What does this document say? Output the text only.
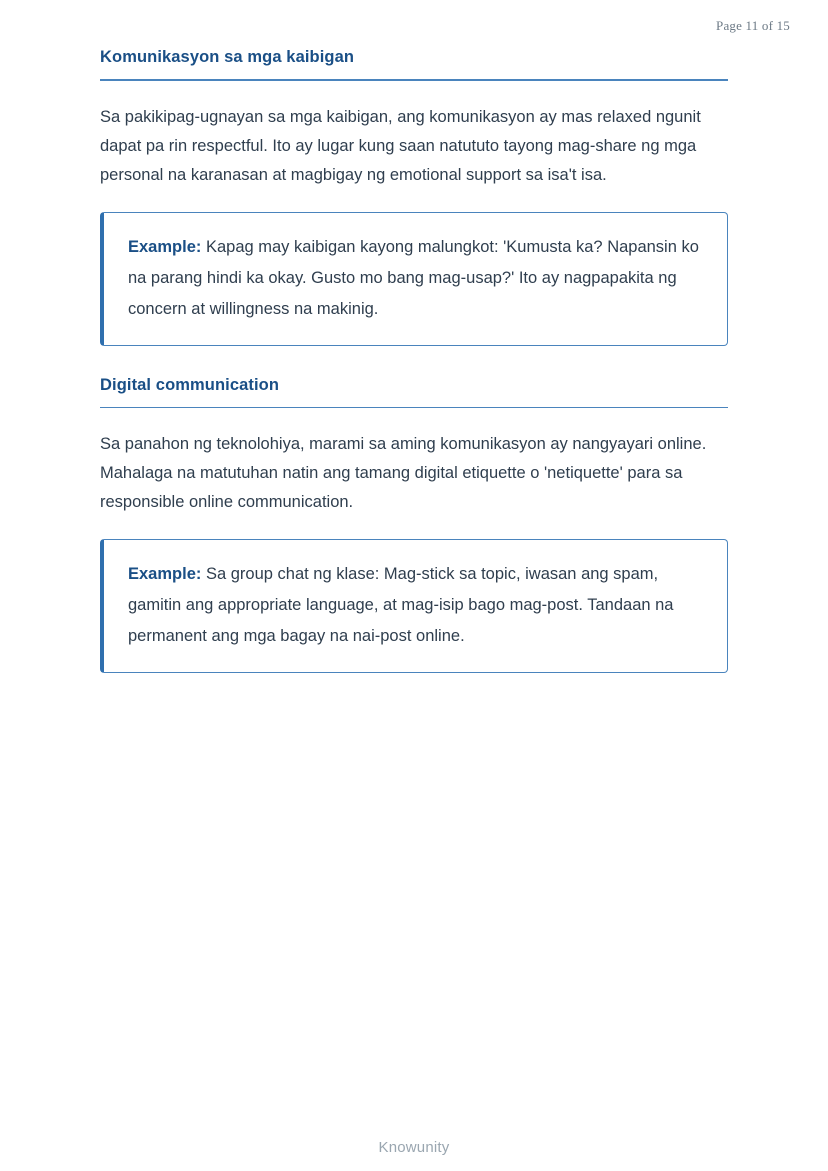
Page 11 of 15
Komunikasyon sa mga kaibigan

Sa pakikipag-ugnayan sa mga kaibigan, ang komunikasyon ay mas relaxed ngunit dapat pa rin respectful. Ito ay lugar kung saan natututo tayong mag-share ng mga personal na karanasan at magbigay ng emotional support sa isa't isa.

Example: Kapag may kaibigan kayong malungkot: 'Kumusta ka? Napansin ko na parang hindi ka okay. Gusto mo bang mag-usap?' Ito ay nagpapakita ng concern at willingness na makinig.

Digital communication

Sa panahon ng teknolohiya, marami sa aming komunikasyon ay nangyayari online. Mahalaga na matutuhan natin ang tamang digital etiquette o 'netiquette' para sa responsible online communication.

Example: Sa group chat ng klase: Mag-stick sa topic, iwasan ang spam, gamitin ang appropriate language, at mag-isip bago mag-post. Tandaan na permanent ang mga bagay na nai-post online.

Knowunity
